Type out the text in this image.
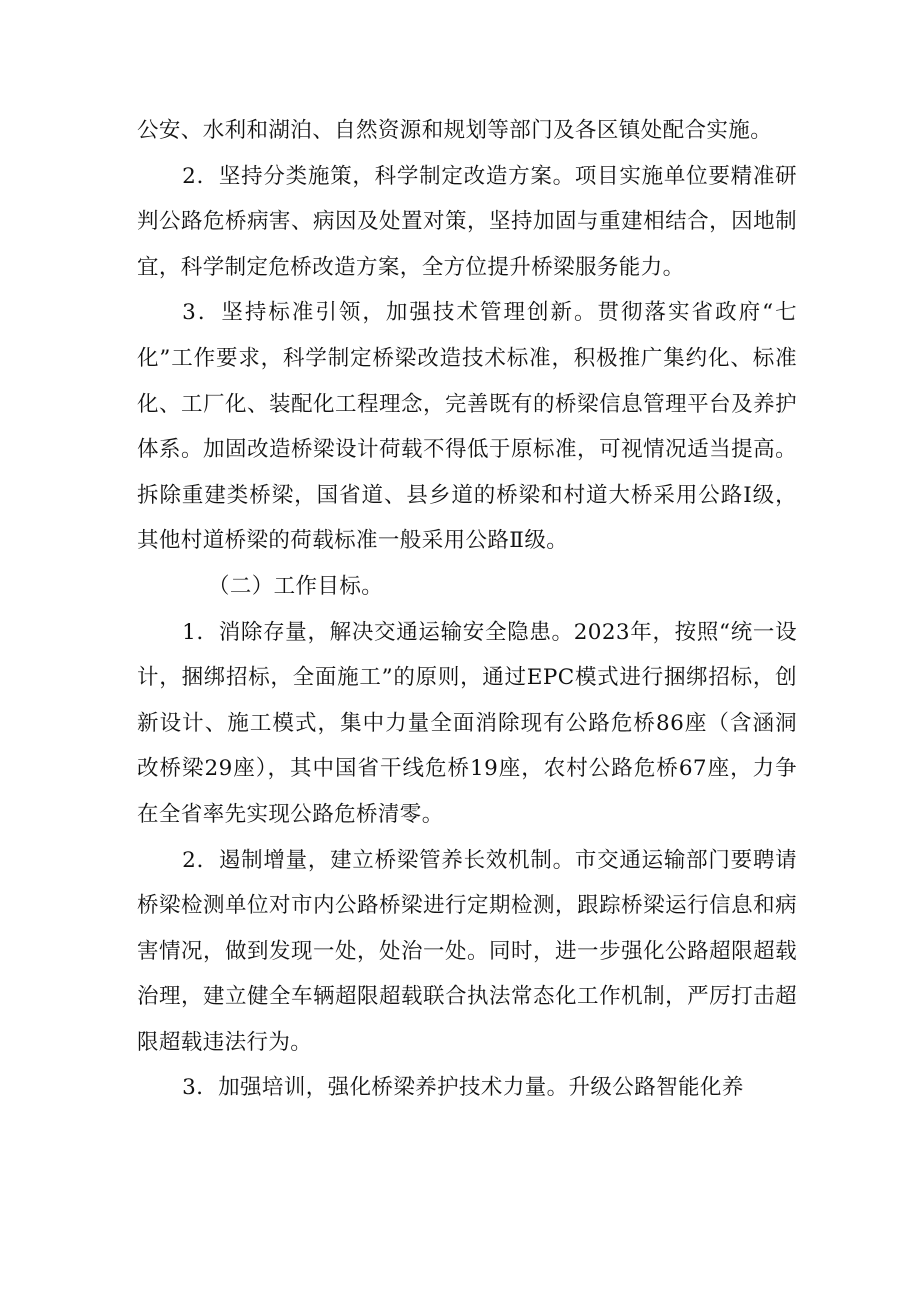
公安、水利和湖泊、自然资源和规划等部门及各区镇处配合实施。

2．坚持分类施策，科学制定改造方案。项目实施单位要精准研判公路危桥病害、病因及处置对策，坚持加固与重建相结合，因地制宜，科学制定危桥改造方案，全方位提升桥梁服务能力。

3．坚持标准引领，加强技术管理创新。贯彻落实省政府“七化”工作要求，科学制定桥梁改造技术标准，积极推广集约化、标准化、工厂化、装配化工程理念，完善既有的桥梁信息管理平台及养护体系。加固改造桥梁设计荷载不得低于原标准，可视情况适当提高。拆除重建类桥梁，国省道、县乡道的桥梁和村道大桥采用公路Ⅰ级，其他村道桥梁的荷载标准一般采用公路Ⅱ级。

（二）工作目标。

1．消除存量，解决交通运输安全隐患。2023年，按照“统一设计，捆绑招标，全面施工”的原则，通过EPC模式进行捆绑招标，创新设计、施工模式，集中力量全面消除现有公路危桥86座（含涵洞改桥梁29座），其中国省干线危桥19座，农村公路危桥67座，力争在全省率先实现公路危桥清零。

2．遏制增量，建立桥梁管养长效机制。市交通运输部门要聘请桥梁检测单位对市内公路桥梁进行定期检测，跟踪桥梁运行信息和病害情况，做到发现一处，处治一处。同时，进一步强化公路超限超载治理，建立健全车辆超限超载联合执法常态化工作机制，严厉打击超限超载违法行为。

3．加强培训，强化桥梁养护技术力量。升级公路智能化养
